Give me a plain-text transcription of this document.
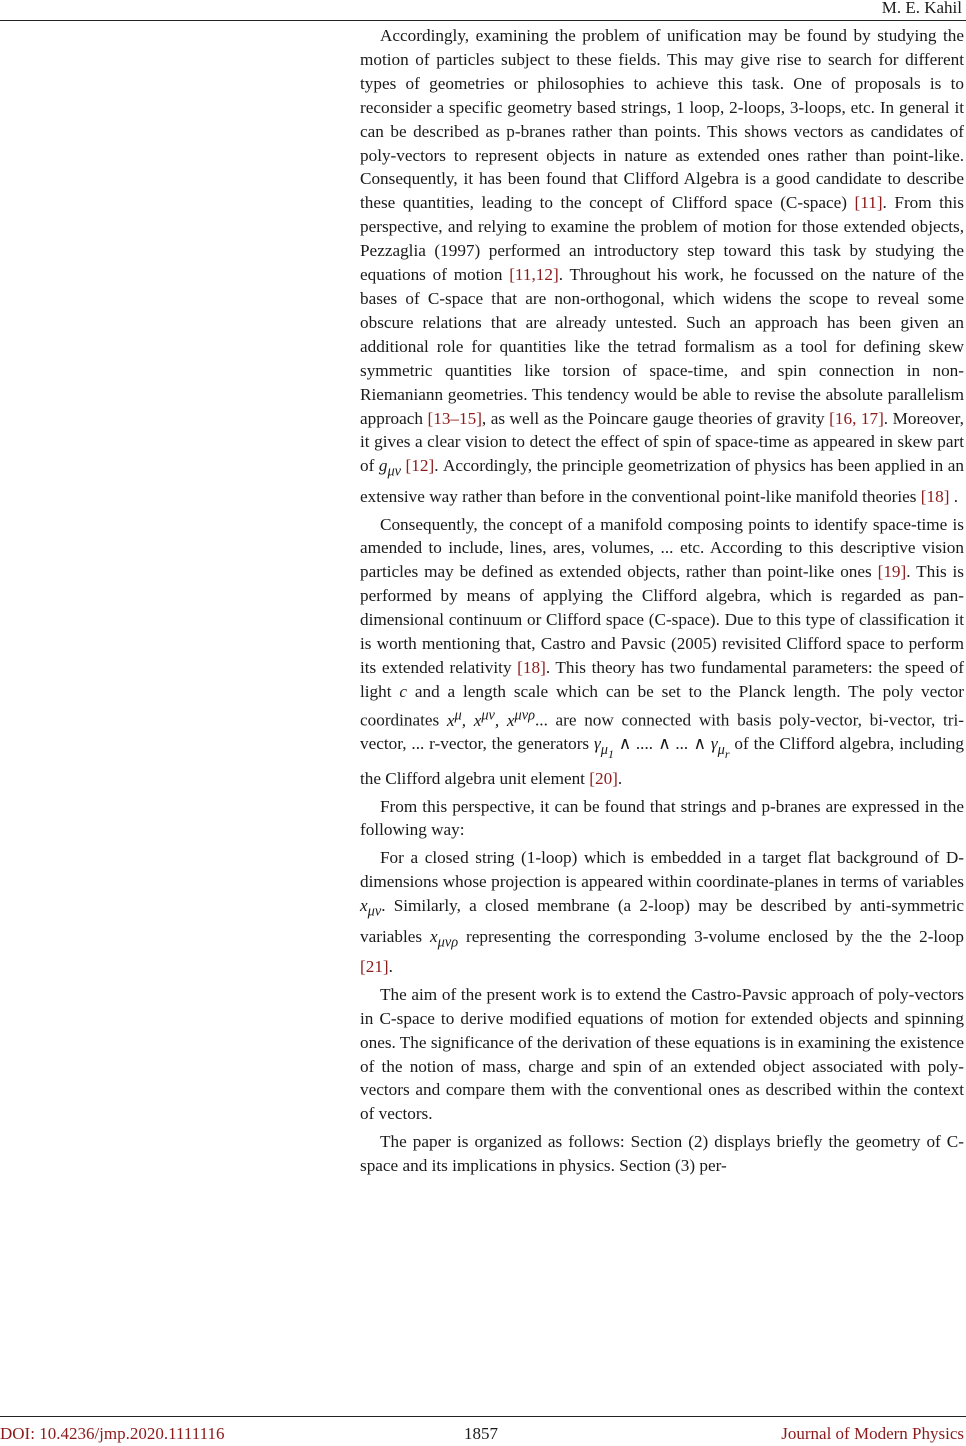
M. E. Kahil

Accordingly, examining the problem of unification may be found by studying the motion of particles subject to these fields. This may give rise to search for different types of geometries or philosophies to achieve this task. One of proposals is to reconsider a specific geometry based strings, 1 loop, 2-loops, 3-loops, etc. In general it can be described as p-branes rather than points. This shows vectors as candidates of poly-vectors to represent objects in nature as extended ones rather than point-like. Consequently, it has been found that Clifford Algebra is a good candidate to describe these quantities, leading to the concept of Clifford space (C-space) [11]. From this perspective, and relying to examine the problem of motion for those extended objects, Pezzaglia (1997) performed an introductory step toward this task by studying the equations of motion [11,12]. Throughout his work, he focussed on the nature of the bases of C-space that are non-orthogonal, which widens the scope to reveal some obscure relations that are already untested. Such an approach has been given an additional role for quantities like the tetrad formalism as a tool for defining skew symmetric quantities like torsion of space-time, and spin connection in non-Riemaniann geometries. This tendency would be able to revise the absolute parallelism approach [13–15], as well as the Poincare gauge theories of gravity [16, 17]. Moreover, it gives a clear vision to detect the effect of spin of space-time as appeared in skew part of $g_{\mu\nu}$ [12]. Accordingly, the principle geometrization of physics has been applied in an extensive way rather than before in the conventional point-like manifold theories [18] .

Consequently, the concept of a manifold composing points to identify space-time is amended to include, lines, ares, volumes, ... etc. According to this descriptive vision particles may be defined as extended objects, rather than point-like ones [19]. This is performed by means of applying the Clifford algebra, which is regarded as pan-dimensional continuum or Clifford space (C-space). Due to this type of classification it is worth mentioning that, Castro and Pavsic (2005) revisited Clifford space to perform its extended relativity [18]. This theory has two fundamental parameters: the speed of light c and a length scale which can be set to the Planck length. The poly vector coordinates $x^\mu$, $x^{\mu\nu}$, $x^{\mu\nu\rho}$... are now connected with basis poly-vector, bi-vector, tri-vector, ... r-vector, the generators $\gamma_{\mu_1}$ ∧ .... ∧ ... ∧ $\gamma_{\mu_r}$ of the Clifford algebra, including the Clifford algebra unit element [20].

From this perspective, it can be found that strings and p-branes are expressed in the following way:

For a closed string (1-loop) which is embedded in a target flat background of D-dimensions whose projection is appeared within coordinate-planes in terms of variables $x_{\mu\nu}$. Similarly, a closed membrane (a 2-loop) may be described by anti-symmetric variables $x_{\mu\nu\rho}$ representing the corresponding 3-volume enclosed by the the 2-loop [21].

The aim of the present work is to extend the Castro-Pavsic approach of poly-vectors in C-space to derive modified equations of motion for extended objects and spinning ones. The significance of the derivation of these equations is in examining the existence of the notion of mass, charge and spin of an extended object associated with poly-vectors and compare them with the conventional ones as described within the context of vectors.

The paper is organized as follows: Section (2) displays briefly the geometry of C-space and its implications in physics. Section (3) per-

DOI: 10.4236/jmp.2020.1111116	1857	Journal of Modern Physics
